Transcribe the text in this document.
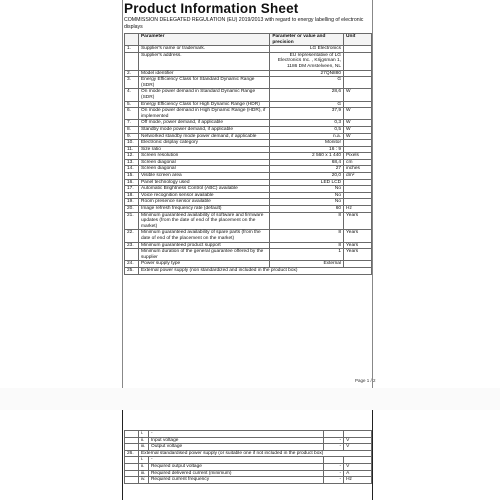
Product Information Sheet
COMMISSION DELEGATED REGULATION (EU) 2019/2013 with regard to energy labelling of electronic displays
	Parameter	Parameter or value and precision	Unit
1.	Supplier's name or trademark.	LG Electronics	
	Supplier's address.	EU representative of LG Electronics Inc. , Krijgsman 1, 1186 DM Amstelveen, NL	
2.	Model identifier	27QN880	
3.	Energy Efficiency Class for Standard Dynamic Range (SDR)	G	
4.	On mode power demand in Standard Dynamic Range (SDR)	28,6	W
5.	Energy Efficiency Class for High Dynamic Range (HDR)	G	
6.	On mode power demand in High Dynamic Range (HDR), if implemented	37,9	W
7.	Off mode, power demand, if applicable	0,3	W
8.	Standby mode power demand, if applicable	0,5	W
9.	Networked standby mode power demand, if applicable	n.a.	W
10.	Electronic display category	Monitor	
11.	Size ratio	16 : 9	
12.	Screen resolution	2 560 x 1 440	Pixels
13.	Screen diagonal	68,4	cm
14.	Screen diagonal	27	inches
15.	Visible screen area	20,0	dm²
16.	Panel technology used	LED LCD	
17.	Automatic Brightness Control (ABC) available	No	
18.	Voice recognition sensor available	No	
19.	Room presence sensor available	No	
20.	Image refresh frequency rate (default)	60	Hz
21.	Minimum guaranteed availability of software and firmware updates (from the date of end of the placement on the market)	8	Years
22.	Minimum guaranteed availability of spare parts (from the date of end of the placement on the market)	8	Years
23.	Minimum guaranteed product support	8	Years
	Minimum duration of the general guarantee offered by the supplier	1	Years
24.	Power supply type	External	
25.	External power supply (non standardized and included in the product box)		
Page 1 / 2
	i.	-		
	ii.	Input voltage	-	V
	iii.	Output voltage	-	V
26.	External standardised power supply (or suitable one if not included in the product box)			
	i.	-		
	ii.	Required output voltage	-	V
	iii.	Required delivered current (minimum)	-	A
	iv.	Required current frequency	-	Hz
